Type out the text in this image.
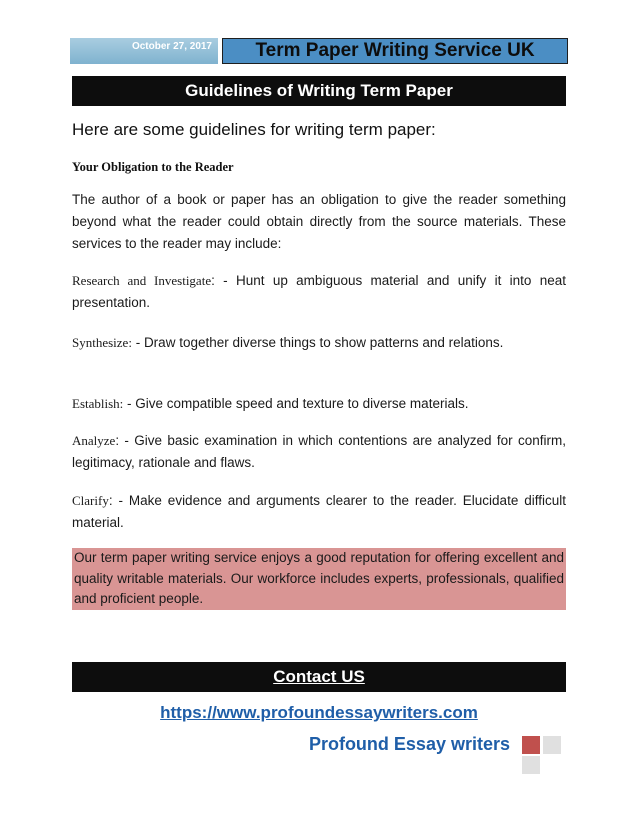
October 27, 2017	Term Paper Writing Service UK
Guidelines of Writing Term Paper
Here are some guidelines for writing term paper:
Your Obligation to the Reader
The author of a book or paper has an obligation to give the reader something beyond what the reader could obtain directly from the source materials. These services to the reader may include:
Research and Investigate: - Hunt up ambiguous material and unify it into neat presentation.
Synthesize: - Draw together diverse things to show patterns and relations.
Establish: - Give compatible speed and texture to diverse materials.
Analyze: - Give basic examination in which contentions are analyzed for confirm, legitimacy, rationale and flaws.
Clarify: - Make evidence and arguments clearer to the reader. Elucidate difficult material.
Our term paper writing service enjoys a good reputation for offering excellent and quality writable materials. Our workforce includes experts, professionals, qualified and proficient people.
Contact US
https://www.profoundessaywriters.com
Profound Essay writers
